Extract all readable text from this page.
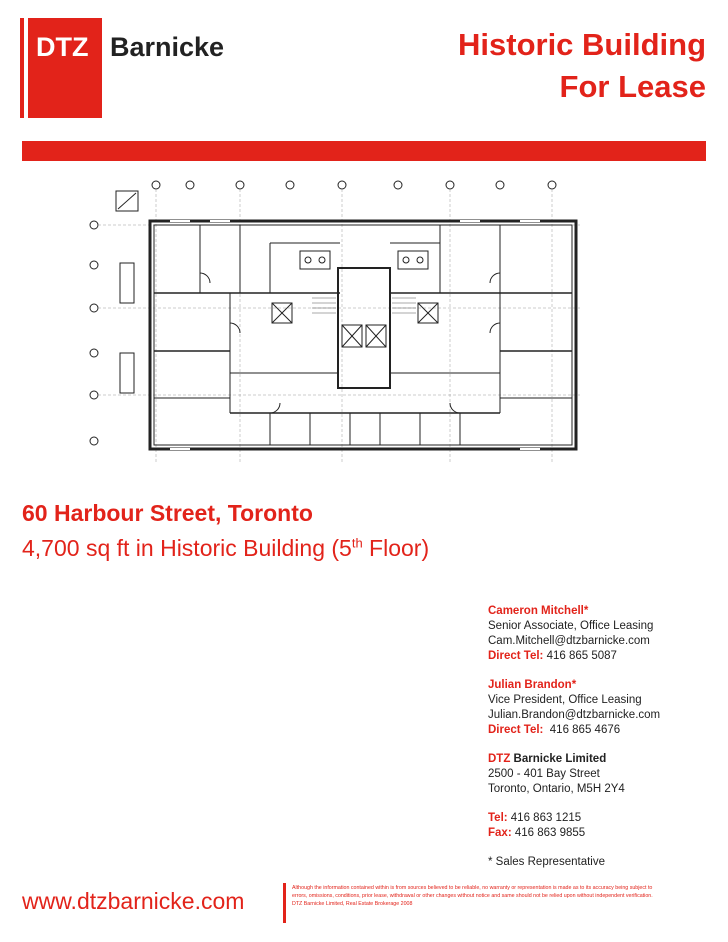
DTZ Barnicke	Historic Building
For Lease
60 Harbour Street, Toronto
4,700 sq ft in Historic Building (5th Floor)
Cameron Mitchell*
Senior Associate, Office Leasing
Cam.Mitchell@dtzbarnicke.com
Direct Tel: 416 865 5087
Julian Brandon*
Vice President, Office Leasing
Julian.Brandon@dtzbarnicke.com
Direct Tel:  416 865 4676
DTZ Barnicke Limited
2500 - 401 Bay Street
Toronto, Ontario, M5H 2Y4
Tel: 416 863 1215
Fax: 416 863 9855
* Sales Representative
www.dtzbarnicke.com	Although the information contained within is from sources believed to be reliable, no warranty or representation is made as to its accuracy being subject to
errors, omissions, conditions, prior lease, withdrawal or other changes without notice and same should not be relied upon without independent verification.
DTZ Barnicke Limited, Real Estate Brokerage 2008
